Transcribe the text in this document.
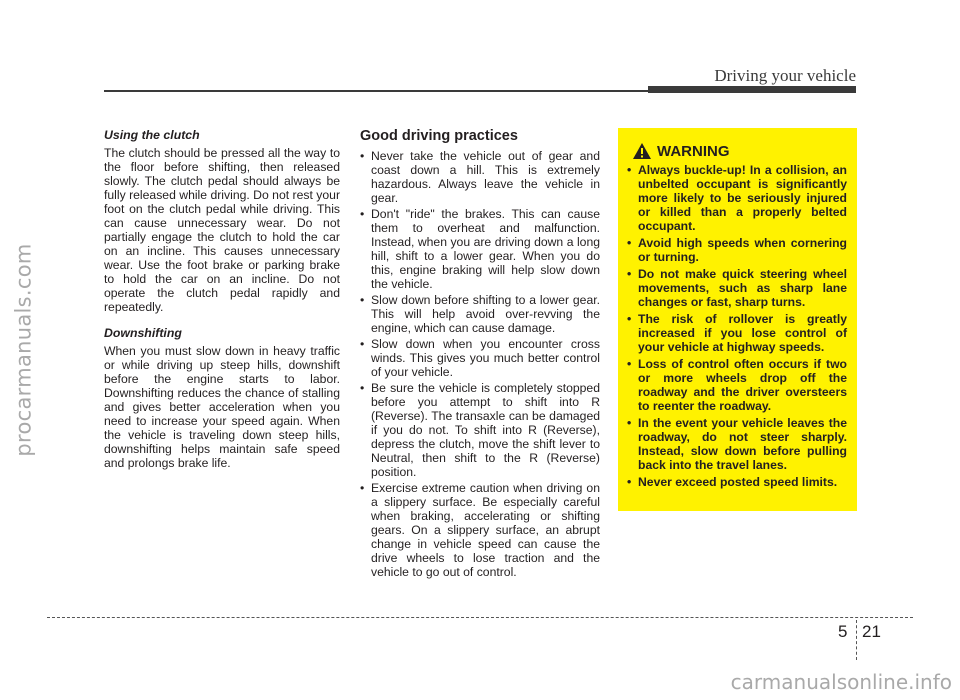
procarmanuals.com
Driving your vehicle
Using the clutch
The clutch should be pressed all the way to the floor before shifting, then released slowly. The clutch pedal should always be fully released while driving. Do not rest your foot on the clutch pedal while driving. This can cause unnecessary wear. Do not partially engage the clutch to hold the car on an incline. This causes unnecessary wear. Use the foot brake or parking brake to hold the car on an incline. Do not operate the clutch pedal rapidly and repeatedly.
Downshifting
When you must slow down in heavy traffic or while driving up steep hills, downshift before the engine starts to labor. Downshifting reduces the chance of stalling and gives better acceleration when you need to increase your speed again. When the vehicle is traveling down steep hills, downshifting helps maintain safe speed and prolongs brake life.
Good driving practices
• Never take the vehicle out of gear and coast down a hill. This is extremely hazardous. Always leave the vehicle in gear.
• Don't "ride" the brakes. This can cause them to overheat and malfunction. Instead, when you are driving down a long hill, shift to a lower gear. When you do this, engine braking will help slow down the vehicle.
• Slow down before shifting to a lower gear. This will help avoid over-revving the engine, which can cause damage.
• Slow down when you encounter cross winds. This gives you much better control of your vehicle.
• Be sure the vehicle is completely stopped before you attempt to shift into R (Reverse). The transaxle can be damaged if you do not. To shift into R (Reverse), depress the clutch, move the shift lever to Neutral, then shift to the R (Reverse) position.
• Exercise extreme caution when driving on a slippery surface. Be especially careful when braking, accelerating or shifting gears. On a slippery surface, an abrupt change in vehicle speed can cause the drive wheels to lose traction and the vehicle to go out of control.
WARNING
• Always buckle-up! In a collision, an unbelted occupant is significantly more likely to be seriously injured or killed than a properly belted occupant.
• Avoid high speeds when cornering or turning.
• Do not make quick steering wheel movements, such as sharp lane changes or fast, sharp turns.
• The risk of rollover is greatly increased if you lose control of your vehicle at highway speeds.
• Loss of control often occurs if two or more wheels drop off the roadway and the driver oversteers to reenter the roadway.
• In the event your vehicle leaves the roadway, do not steer sharply. Instead, slow down before pulling back into the travel lanes.
• Never exceed posted speed limits.
5 21
carmanualsonline.info
